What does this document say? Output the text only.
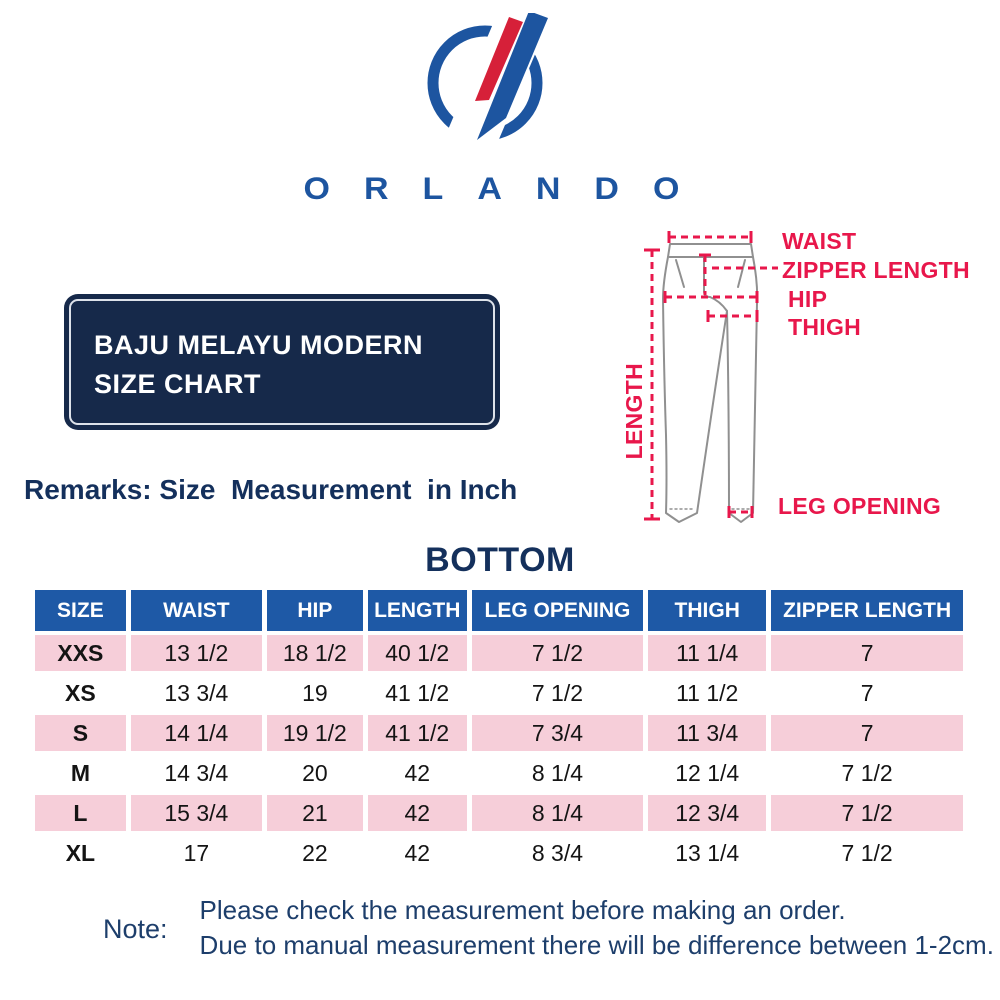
ORLANDO
BAJU MELAYU MODERN
SIZE CHART
WAIST
ZIPPER LENGTH
HIP
THIGH
LENGTH
LEG OPENING
Remarks: Size  Measurement  in Inch
BOTTOM
SIZE	WAIST	HIP	LENGTH	LEG OPENING	THIGH	ZIPPER LENGTH
XXS	13 1/2	18 1/2	40 1/2	7 1/2	11 1/4	7
XS	13 3/4	19	41 1/2	7 1/2	11 1/2	7
S	14 1/4	19 1/2	41 1/2	7 3/4	11 3/4	7
M	14 3/4	20	42	8 1/4	12 1/4	7 1/2
L	15 3/4	21	42	8 1/4	12 3/4	7 1/2
XL	17	22	42	8 3/4	13 1/4	7 1/2
Note:
Please check the measurement before making an order.
Due to manual measurement there will be difference between 1-2cm.
